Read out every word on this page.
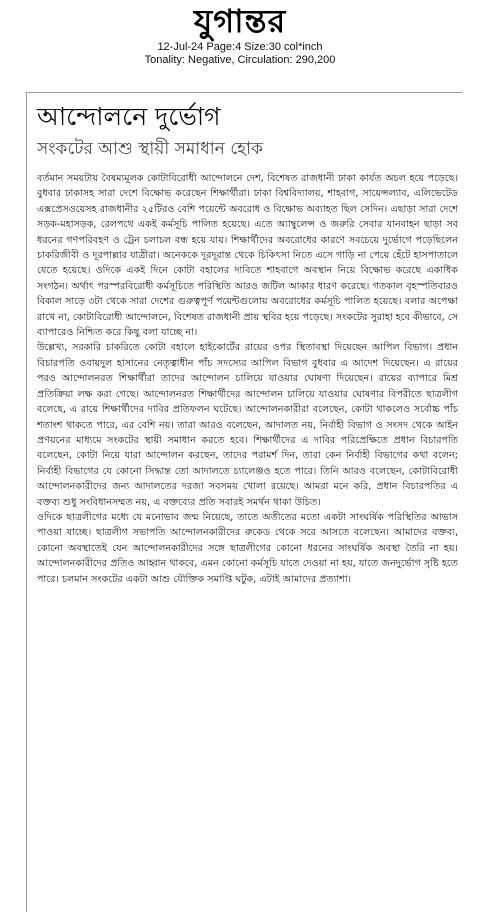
যুগান্তর
12-Jul-24 Page:4 Size:30 col*inch
Tonality: Negative, Circulation: 290,200
আন্দোলনে দুর্ভোগ
সংকটের আশু স্থায়ী সমাধান হোক

বর্তমান সময়টায় বৈষম্যমূলক কোটাবিরোধী আন্দোলনে দেশ, বিশেষত রাজধানী ঢাকা কার্যত অচল হয়ে পড়েছে। বুধবার ঢাকাসহ সারা দেশে বিক্ষোভ করেছেন শিক্ষার্থীরা। ঢাকা বিশ্ববিদ্যালয়, শাহবাগ, সায়েন্সল্যাব, এলিভেটেড এক্সপ্রেসওয়েসহ রাজধানীর ২৫টিরও বেশি পয়েন্টে অবরোধ ও বিক্ষোভ অব্যাহত ছিল সেদিন। এছাড়া সারা দেশে সড়ক-মহাসড়ক, রেলপথে একই কর্মসূচি পালিত হয়েছে। এতে অ্যাম্বুলেন্স ও জরুরি সেবার যানবাহন ছাড়া সব ধরনের গণপরিবহণ ও ট্রেন চলাচল বন্ধ হয়ে যায়। শিক্ষার্থীদের অবরোধের কারণে সবচেয়ে দুর্ভোগে পড়েছিলেন চাকরিজীবী ও দূরপাল্লার যাত্রীরা। অনেককে দূরদূরান্ত থেকে চিকিৎসা নিতে এসে গাড়ি না পেয়ে হেঁটে হাসপাতালে যেতে হয়েছে। ওদিকে একই দিনে কোটা বহালের দাবিতে শাহবাগে অবস্থান নিয়ে বিক্ষোভ করেছে একাধিক সংগঠন। অর্থাৎ পরস্পরবিরোধী কর্মসূচিতে পরিস্থিতি আরও জটিল আকার ধারণ করেছে। গতকাল বৃহস্পতিবারও বিকাল সাড়ে ৩টা থেকে সারা দেশের গুরুত্বপূর্ণ পয়েন্টগুলোয় অবরোধের কর্মসূচি পালিত হয়েছে। বলার অপেক্ষা রাখে না, কোটাবিরোধী আন্দোলনে, বিশেষত রাজধানী প্রায় স্থবির হয়ে পড়েছে। সংকটের সুরাহা হবে কীভাবে, সে ব্যাপারেও নিশ্চিত করে কিছু বলা যাচ্ছে না।

উল্লেখ্য, সরকারি চাকরিতে কোটা বহালে হাইকোর্টের রায়ের ওপর স্থিতাবস্থা দিয়েছেন আপিল বিভাগ। প্রধান বিচারপতি ওবায়দুল হাসানের নেতৃত্বাধীন পাঁচ সদস্যের আপিল বিভাগ বুধবার এ আদেশ দিয়েছেন। এ রায়ের পরও আন্দোলনরত শিক্ষার্থীরা তাদের আন্দোলন চালিয়ে যাওয়ার ঘোষণা দিয়েছেন। রায়ের ব্যাপারে মিশ্র প্রতিক্রিয়া লক্ষ করা গেছে। আন্দোলনরত শিক্ষার্থীদের আন্দোলন চালিয়ে যাওয়ার ঘোষণার বিপরীতে ছাত্রলীগ বলেছে, এ রায়ে শিক্ষার্থীদের দাবির প্রতিফলন ঘটেছে। আন্দোলনকারীরা বলেছেন, কোটা থাকলেও সর্বোচ্চ পাঁচ শতাংশ থাকতে পারে, এর বেশি নয়। তারা আরও বলেছেন, আদালত নয়, নির্বাহী বিভাগ ও সংসদ থেকে আইন প্রণয়নের মাধ্যমে সংকটের স্থায়ী সমাধান করতে হবে। শিক্ষার্থীদের এ দাবির পরিপ্রেক্ষিতে প্রধান বিচারপতি বলেছেন, কোটা নিয়ে যারা আন্দোলন করছেন, তাদের পরামর্শ দিন, তারা কেন নির্বাহী বিভাগের কথা বলেন; নির্বাহী বিভাগের যে কোনো সিদ্ধান্ত তো আদালতে চ্যালেঞ্জও হতে পারে। তিনি আরও বলেছেন, কোটাবিরোধী আন্দোলনকারীদের জন্য আদালতের দরজা সবসময় খোলা রয়েছে। আমরা মনে করি, প্রধান বিচারপতির এ বক্তব্য শুধু সংবিধানসম্মত নয়, এ বক্তব্যের প্রতি সবারই সমর্থন থাকা উচিত।

ওদিকে ছাত্রলীগের মধ্যে যে মনোভাব জন্ম নিয়েছে, তাতে অতীতের মতো একটা সাংঘর্ষিক পরিস্থিতির আভাস পাওয়া যাচ্ছে। ছাত্রলীগ সভাপতি আন্দোলনকারীদের রুকেড থেকে সরে আসতে বলেছেন। আমাদের বক্তব্য, কোনো অবস্থাতেই যেন আন্দোলনকারীদের সঙ্গে ছাত্রলীগের কোনো ধরনের সাংঘর্ষিক অবস্থা তৈরি না হয়। আন্দোলনকারীদের প্রতিও আহ্বান থাকবে, এমন কোনো কর্মসূচি যাতে দেওয়া না হয়, যাতে জনদুর্ভোগ সৃষ্টি হতে পারে। চলমান সংকটের একটা আশু যৌক্তিক সমাপ্তি ঘটুক, এটাই আমাদের প্রত্যাশা।
